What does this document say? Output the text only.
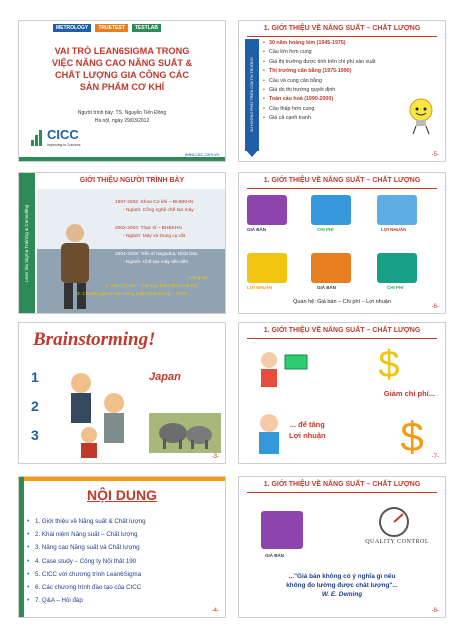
METROLOGY TRUETEST TESTLAB
VAI TRÒ LEAN6SIGMA TRONG
VIỆC NÂNG CAO NĂNG SUẤT &
CHẤT LƯỢNG GIA CÔNG CÁC
SẢN PHẨM CƠ KHÍ
Người trình bày: TS. Nguyễn Tiến Đông
Hà nội, ngày 29/03/2012
CICC
Improving to Success
www.cicc.com.vn
1. GIỚI THIỆU VỀ NĂNG SUẤT – CHẤT LƯỢNG
XU HƯỚNG PHÁT TRIỂN CỦA THỊ TRƯỜNG
• 30 năm hoàng kim (1945-1975)
• Cầu lớn hơn cung
• Giá thị trường được tính trên chi phí sản xuất
• Thị trường cân bằng (1975-1990)
• Cầu và cung cân bằng
• Giá do thị trường quyết định
• Toàn cầu hoá (1990-2000)
• Cầu thấp hơn cung
• Giá cả cạnh tranh
-5-
Lean Six Sigma Training & Consulting
GIỚI THIỆU NGƯỜI TRÌNH BÀY
1997-2002: Khoa Cơ khí – ĐHBKHN
- Ngành: Công nghệ chế tạo máy
2002-2004: Thạc sĩ – ĐHBKHN
- Ngành: Máy và Dụng cụ cắt
2004-2008: Tiến sĩ Nagaoka, Nhật bản
- Ngành: Chế tạo máy tiên tiến
Công tác:
1. Viện Cơ khí – Giải học bách khoa Hà nội
2. Chuyên gia tư vấn Năng suất Chất lượng – CICC
1. GIỚI THIỆU VỀ NĂNG SUẤT – CHẤT LƯỢNG
=	+
GIÁ BÁN	CHI PHÍ	LỢI NHUẬN
=	−
LỢI NHUẬN	GIÁ BÁN	CHI PHÍ
Quan hệ: Giá bán – Chi phí – Lợi nhuận
-6-
Brainstorming!
1
2
3
Japan
-3-
1. GIỚI THIỆU VỀ NĂNG SUẤT – CHẤT LƯỢNG
$
Giảm chi phí...
... để tăng
Lợi nhuận $ -7-
NỘI DUNG
• 1. Giới thiệu về Năng suất & Chất lượng
• 2. Khái niệm Năng suất – Chất lượng
• 3. Nâng cao Năng suất và Chất lượng
• 4. Case study – Công ty Nội thất 190
• 5. CICC với chương trình Lean6Sigma
• 6. Các chương trình đào tạo của CICC
• 7. Q&A – Hỏi đáp
-4-
1. GIỚI THIỆU VỀ NĂNG SUẤT – CHẤT LƯỢNG
GIÁ BÁN
QUALITY CONTROL
..."Giá bán không có ý nghĩa gì nếu
không đo lường được chất lượng"...
W. E. Deming
-8-
